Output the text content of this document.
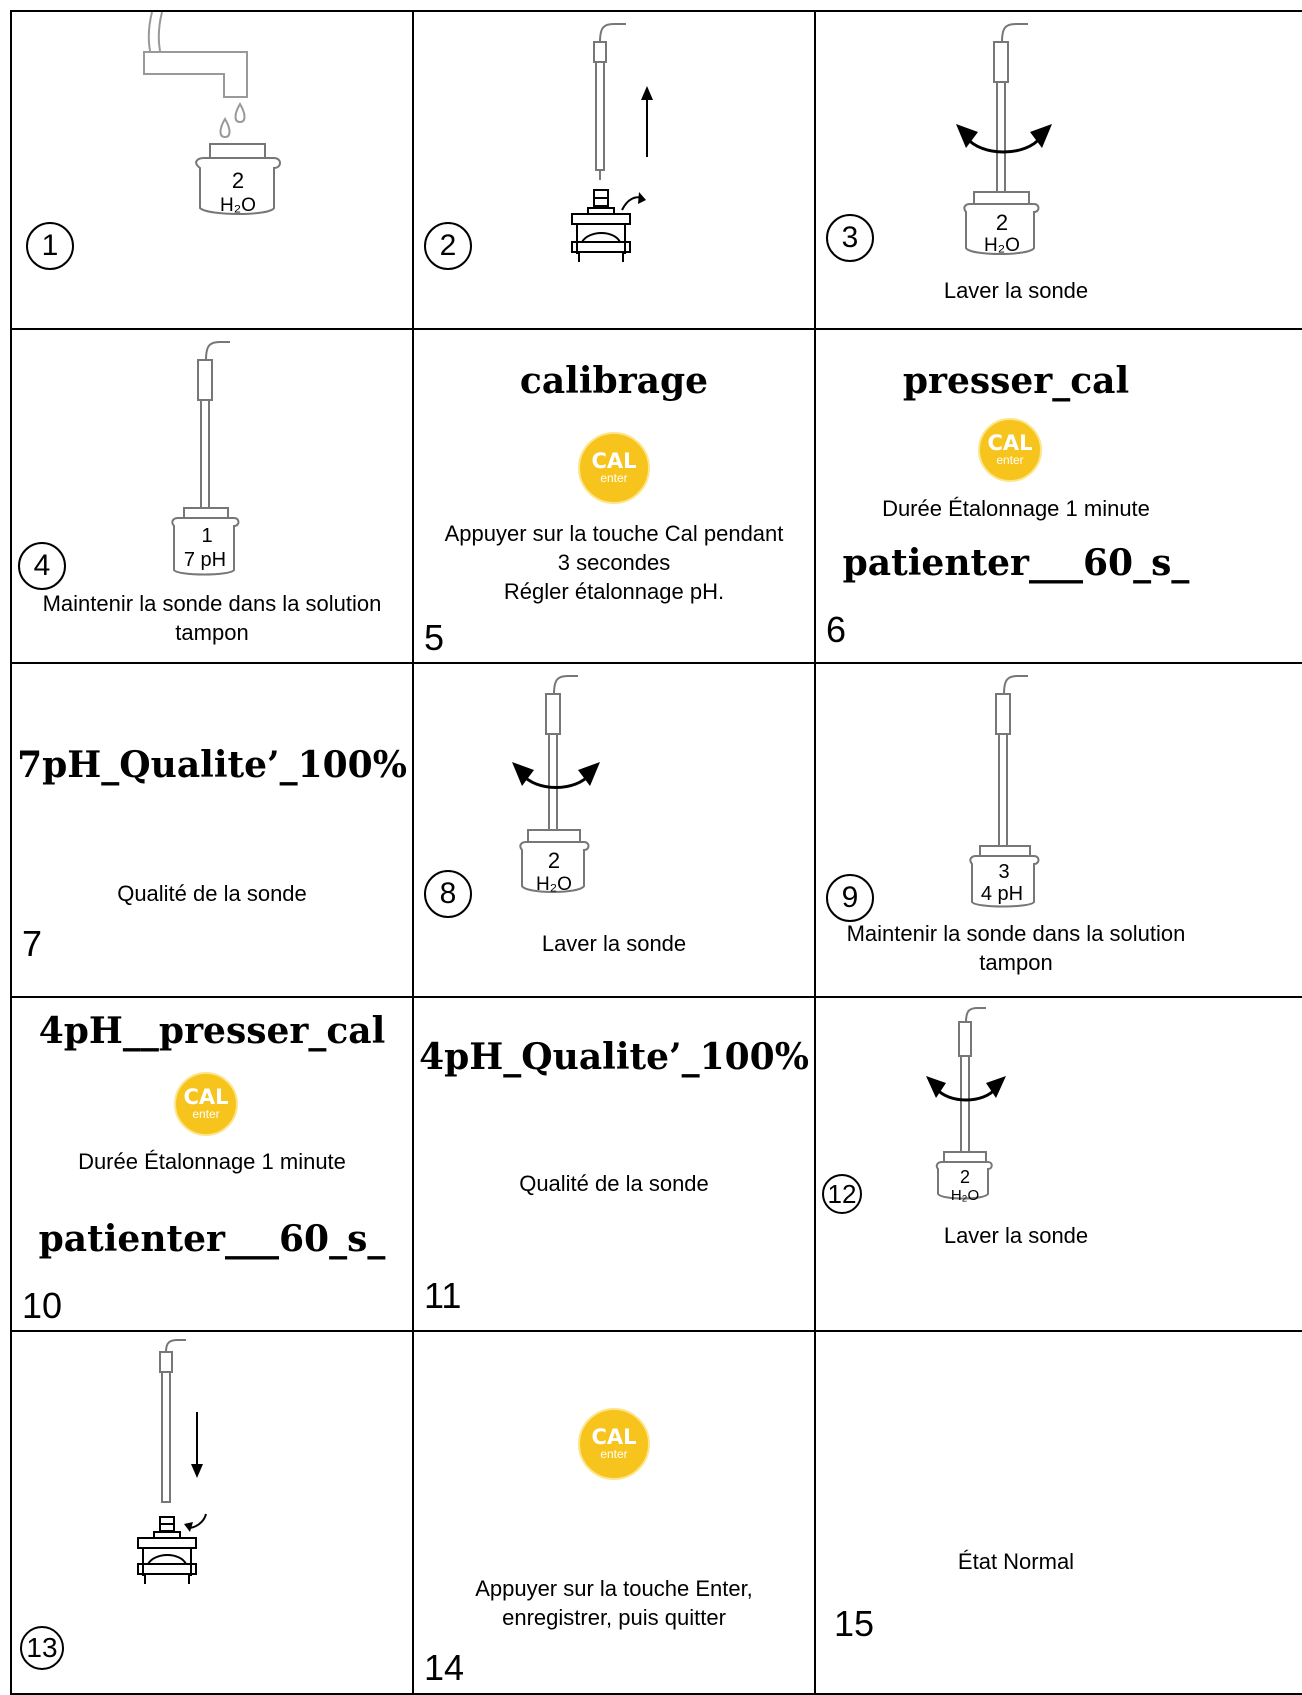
2
H₂O
1	2
2
H₂O
3
Laver la sonde
1
7 pH
4
Maintenir la sonde dans la solution
tampon
calibrage
CAL
enter
Appuyer sur la touche Cal pendant
3 secondes
Régler étalonnage pH.
5
presser_cal
CAL
enter
Durée Étalonnage 1 minute
patienter___60_s_
6
7pH_Qualite’_100%
Qualité de la sonde
7
2
H₂O
8
Laver la sonde
3
4 pH
9
Maintenir la sonde dans la solution
tampon
4pH__presser_cal
CAL
enter
Durée Étalonnage 1 minute
patienter___60_s_
10
4pH_Qualite’_100%
Qualité de la sonde
11
2
H₂O
12
Laver la sonde
13
CAL
enter
Appuyer sur la touche Enter,
enregistrer, puis quitter
14
État Normal
15
